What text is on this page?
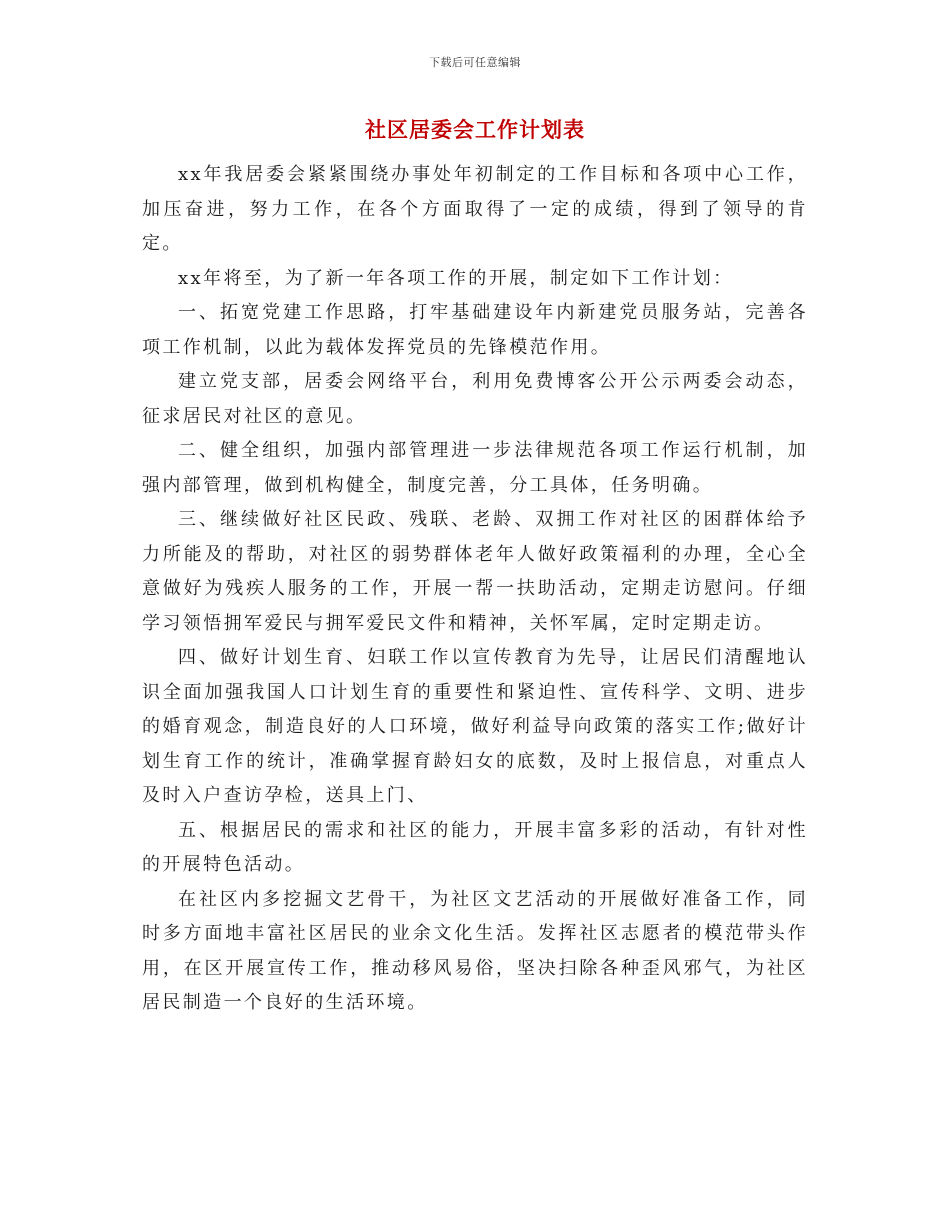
下载后可任意编辑
社区居委会工作计划表

xx年我居委会紧紧围绕办事处年初制定的工作目标和各项中心工作，加压奋进，努力工作，在各个方面取得了一定的成绩，得到了领导的肯定。

xx年将至，为了新一年各项工作的开展，制定如下工作计划：

一、拓宽党建工作思路，打牢基础建设年内新建党员服务站，完善各项工作机制，以此为载体发挥党员的先锋模范作用。

建立党支部，居委会网络平台，利用免费博客公开公示两委会动态，征求居民对社区的意见。

二、健全组织，加强内部管理进一步法律规范各项工作运行机制，加强内部管理，做到机构健全，制度完善，分工具体，任务明确。

三、继续做好社区民政、残联、老龄、双拥工作对社区的困群体给予力所能及的帮助，对社区的弱势群体老年人做好政策福利的办理，全心全意做好为残疾人服务的工作，开展一帮一扶助活动，定期走访慰问。仔细学习领悟拥军爱民与拥军爱民文件和精神，关怀军属，定时定期走访。

四、做好计划生育、妇联工作以宣传教育为先导，让居民们清醒地认识全面加强我国人口计划生育的重要性和紧迫性、宣传科学、文明、进步的婚育观念，制造良好的人口环境，做好利益导向政策的落实工作;做好计划生育工作的统计，准确掌握育龄妇女的底数，及时上报信息，对重点人及时入户查访孕检，送具上门、

五、根据居民的需求和社区的能力，开展丰富多彩的活动，有针对性的开展特色活动。

在社区内多挖掘文艺骨干，为社区文艺活动的开展做好准备工作，同时多方面地丰富社区居民的业余文化生活。发挥社区志愿者的模范带头作用，在区开展宣传工作，推动移风易俗，坚决扫除各种歪风邪气，为社区居民制造一个良好的生活环境。
